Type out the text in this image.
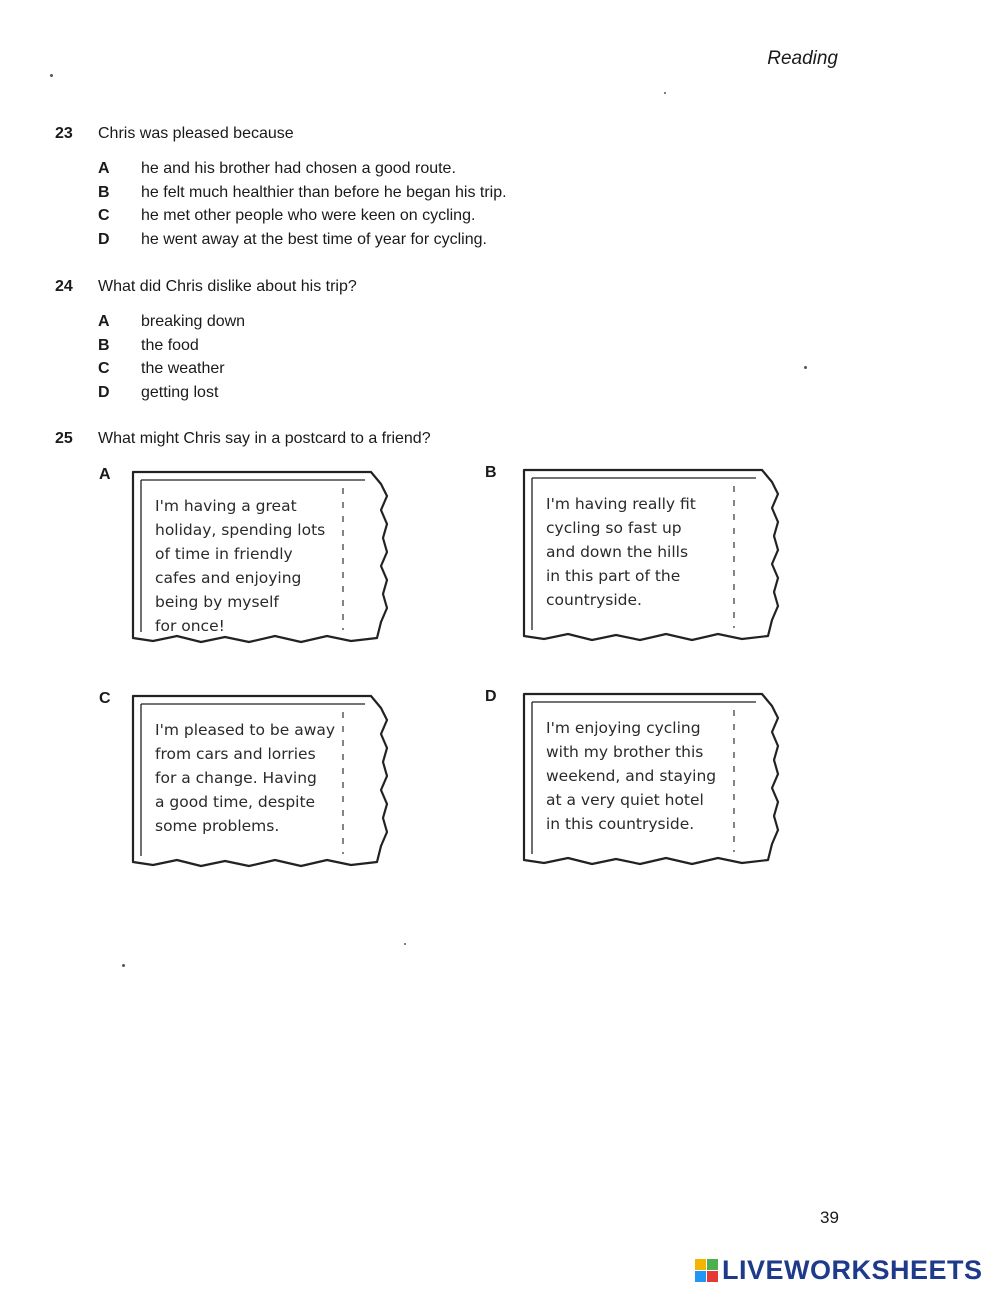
Reading
23	Chris was pleased because
A	he and his brother had chosen a good route.
B	he felt much healthier than before he began his trip.
C	he met other people who were keen on cycling.
D	he went away at the best time of year for cycling.
24	What did Chris dislike about his trip?
A	breaking down
B	the food
C	the weather
D	getting lost
25	What might Chris say in a postcard to a friend?
A	B
C	D
I'm having a great
holiday, spending lots
of time in friendly
cafes and enjoying
being by myself
for once!
I'm having really fit
cycling so fast up
and down the hills
in this part of the
countryside.
I'm pleased to be away
from cars and lorries
for a change. Having
a good time, despite
some problems.
I'm enjoying cycling
with my brother this
weekend, and staying
at a very quiet hotel
in this countryside.
39
LIVEWORKSHEETS
